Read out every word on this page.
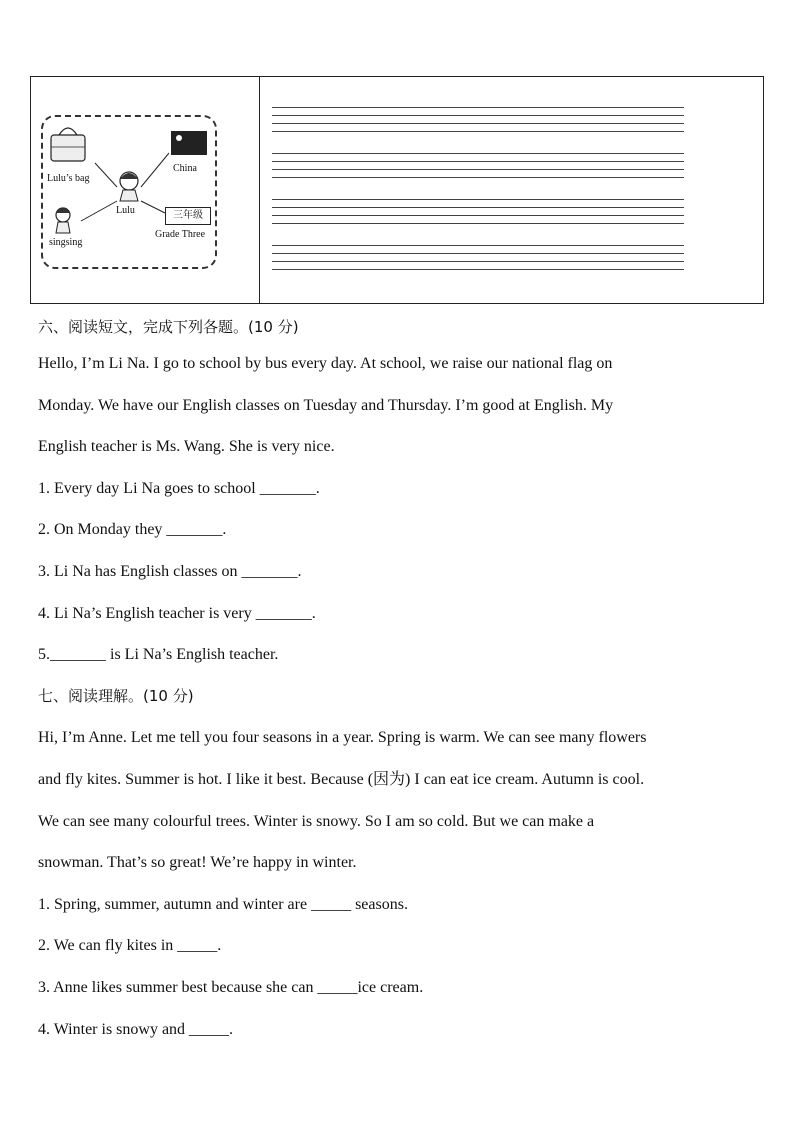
Lulu’s bag
Lulu
China
singsing
三年级
Grade Three
六、阅读短文，完成下列各题。(10 分)
Hello, I’m Li Na. I go to school by bus every day. At school, we raise our national flag on
Monday. We have our English classes on Tuesday and Thursday. I’m good at English. My
English teacher is Ms. Wang. She is very nice.
1. Every day Li Na goes to school _______.
2. On Monday they _______.
3. Li Na has English classes on _______.
4. Li Na’s English teacher is very _______.
5._______ is Li Na’s English teacher.
七、阅读理解。(10 分)
Hi, I’m Anne. Let me tell you four seasons in a year. Spring is warm. We can see many flowers
and fly kites. Summer is hot. I like it best. Because (因为) I can eat ice cream. Autumn is cool.
We can see many colourful trees. Winter is snowy. So I am so cold. But we can make a
snowman. That’s so great! We’re happy in winter.
1. Spring, summer, autumn and winter are _____ seasons.
2. We can fly kites in _____.
3. Anne likes summer best because she can _____ice cream.
4. Winter is snowy and _____.
